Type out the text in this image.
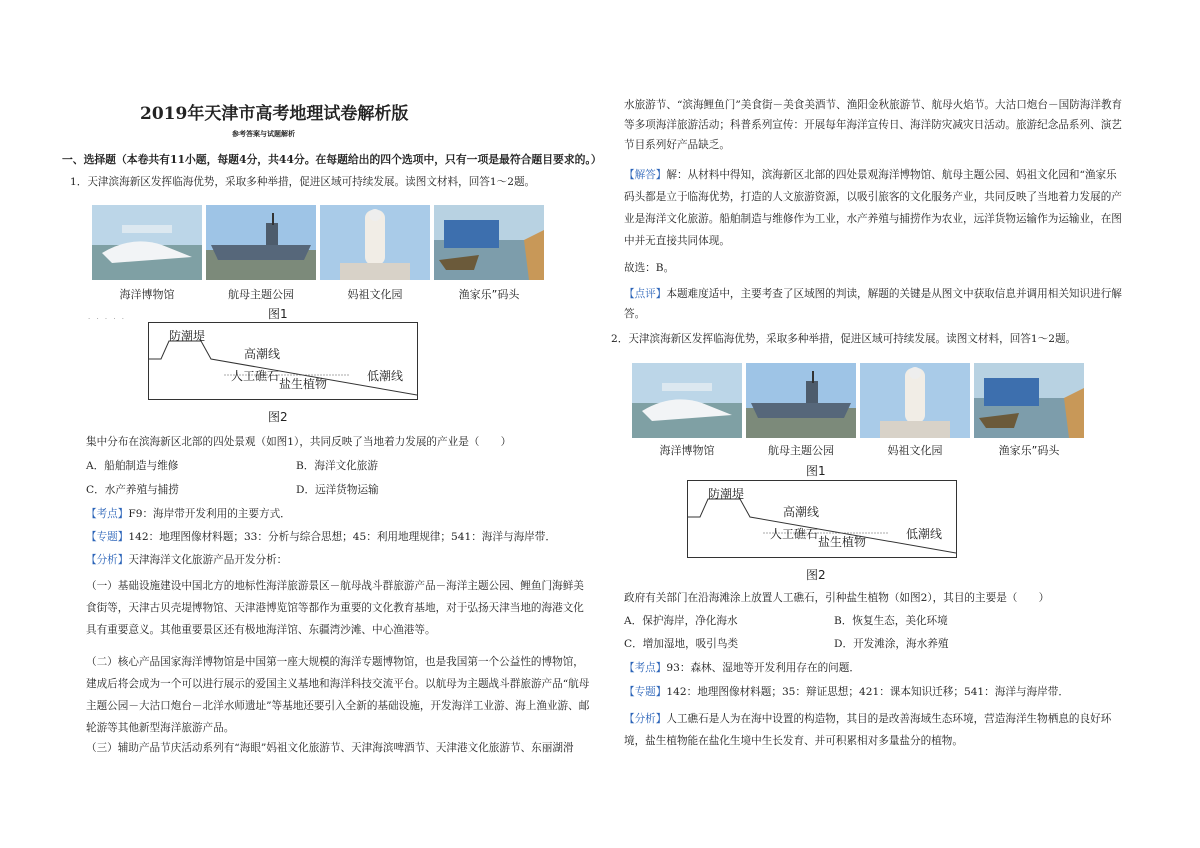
2019年天津市高考地理试卷解析版
参考答案与试题解析
一、选择题（本卷共有11小题，每题4分，共44分。在每题给出的四个选项中，只有一项是最符合题目要求的。）
1．天津滨海新区发挥临海优势，采取多种举措，促进区域可持续发展。读图文材料，回答1～2题。
海洋博物馆	航母主题公园	妈祖文化园	渔家乐”码头
图1
· · · · ·
防潮堤
高潮线
人工礁石
盐生植物
低潮线
图2
集中分布在滨海新区北部的四处景观（如图1），共同反映了当地着力发展的产业是（　　）
A．船舶制造与维修	B．海洋文化旅游
C．水产养殖与捕捞	D．远洋货物运输
【考点】F9：海岸带开发利用的主要方式．
【专题】142：地理图像材料题；33：分析与综合思想；45：利用地理规律；541：海洋与海岸带．
【分析】天津海洋文化旅游产品开发分析：
（一）基础设施建设中国北方的地标性海洋旅游景区－航母战斗群旅游产品－海洋主题公园、鲤鱼门海鲜美食街等，天津古贝壳堤博物馆、天津港博览馆等都作为重要的文化教育基地，对于弘扬天津当地的海港文化具有重要意义。其他重要景区还有极地海洋馆、东疆湾沙滩、中心渔港等。
（二）核心产品国家海洋博物馆是中国第一座大规模的海洋专题博物馆，也是我国第一个公益性的博物馆，建成后将会成为一个可以进行展示的爱国主义基地和海洋科技交流平台。以航母为主题战斗群旅游产品“航母主题公园－大沽口炮台－北洋水师遗址”等基地还要引入全新的基础设施，开发海洋工业游、海上渔业游、邮轮游等其他新型海洋旅游产品。
（三）辅助产品节庆活动系列有“海眼”妈祖文化旅游节、天津海滨啤酒节、天津港文化旅游节、东丽湖滑
水旅游节、“滨海鲤鱼门”美食街－美食美酒节、渔阳金秋旅游节、航母火焰节。大沽口炮台－国防海洋教育等多项海洋旅游活动；科普系列宣传：开展每年海洋宣传日、海洋防灾减灾日活动。旅游纪念品系列、演艺节目系列好产品缺乏。
【解答】解：从材料中得知，滨海新区北部的四处景观海洋博物馆、航母主题公园、妈祖文化园和“渔家乐码头都是立于临海优势，打造的人文旅游资源，以吸引旅客的文化服务产业，共同反映了当地着力发展的产业是海洋文化旅游。船舶制造与维修作为工业，水产养殖与捕捞作为农业，远洋货物运输作为运输业，在图中并无直接共同体现。
故选：B。
【点评】本题难度适中，主要考查了区域图的判读，解题的关键是从图文中获取信息并调用相关知识进行解答。
2．天津滨海新区发挥临海优势，采取多种举措，促进区域可持续发展。读图文材料，回答1～2题。
海洋博物馆	航母主题公园	妈祖文化园	渔家乐”码头
图1
防潮堤
高潮线
人工礁石
盐生植物
低潮线
图2
政府有关部门在沿海滩涂上放置人工礁石，引种盐生植物（如图2），其目的主要是（　　）
A．保护海岸，净化海水	B．恢复生态，美化环境
C．增加湿地，吸引鸟类	D．开发滩涂，海水养殖
【考点】93：森林、湿地等开发利用存在的问题．
【专题】142：地理图像材料题；35：辩证思想；421：课本知识迁移；541：海洋与海岸带．
【分析】人工礁石是人为在海中设置的构造物，其目的是改善海域生态环境，营造海洋生物栖息的良好环境，盐生植物能在盐化生境中生长发育、并可积累相对多量盐分的植物。
